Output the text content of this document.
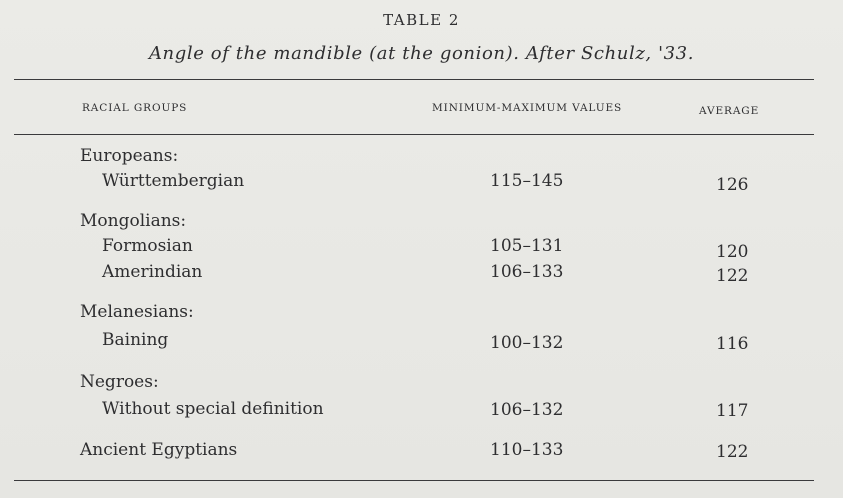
TABLE 2
Angle of the mandible (at the gonion). After Schulz, '33.
RACIAL GROUPS	MINIMUM-MAXIMUM VALUES	AVERAGE
Europeans:
Württembergian	115–145	126
Mongolians:
Formosian	105–131	120
Amerindian	106–133	122
Melanesians:
Baining	100–132	116
Negroes:
Without special definition	106–132	117
Ancient Egyptians	110–133	122
